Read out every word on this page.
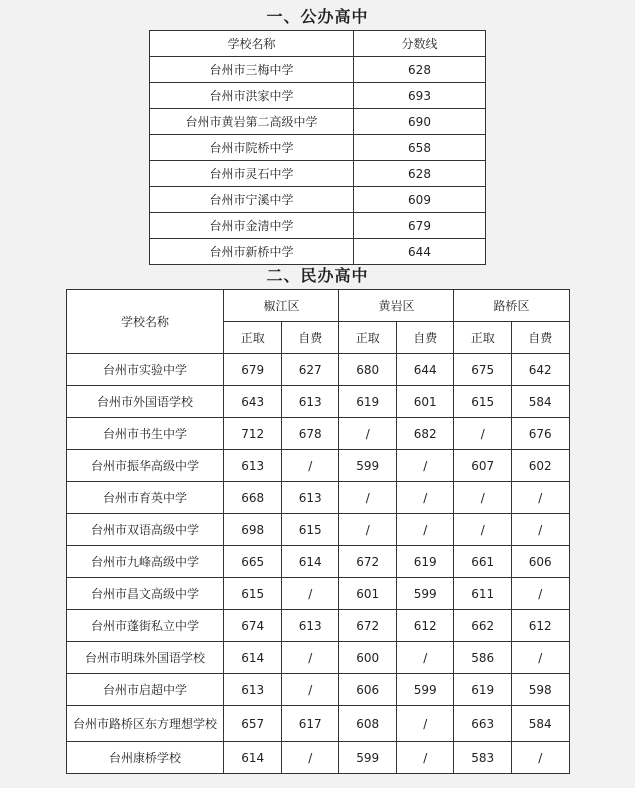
一、公办高中
学校名称	分数线
台州市三梅中学	628
台州市洪家中学	693
台州市黄岩第二高级中学	690
台州市院桥中学	658
台州市灵石中学	628
台州市宁溪中学	609
台州市金清中学	679
台州市新桥中学	644
二、民办高中
学校名称	椒江区		黄岩区		路桥区	
	正取	自费	正取	自费	正取	自费
台州市实验中学	679	627	680	644	675	642
台州市外国语学校	643	613	619	601	615	584
台州市书生中学	712	678	/	682	/	676
台州市振华高级中学	613	/	599	/	607	602
台州市育英中学	668	613	/	/	/	/
台州市双语高级中学	698	615	/	/	/	/
台州市九峰高级中学	665	614	672	619	661	606
台州市昌文高级中学	615	/	601	599	611	/
台州市蓬街私立中学	674	613	672	612	662	612
台州市明珠外国语学校	614	/	600	/	586	/
台州市启超中学	613	/	606	599	619	598
台州市路桥区东方理想学校	657	617	608	/	663	584
台州康桥学校	614	/	599	/	583	/
